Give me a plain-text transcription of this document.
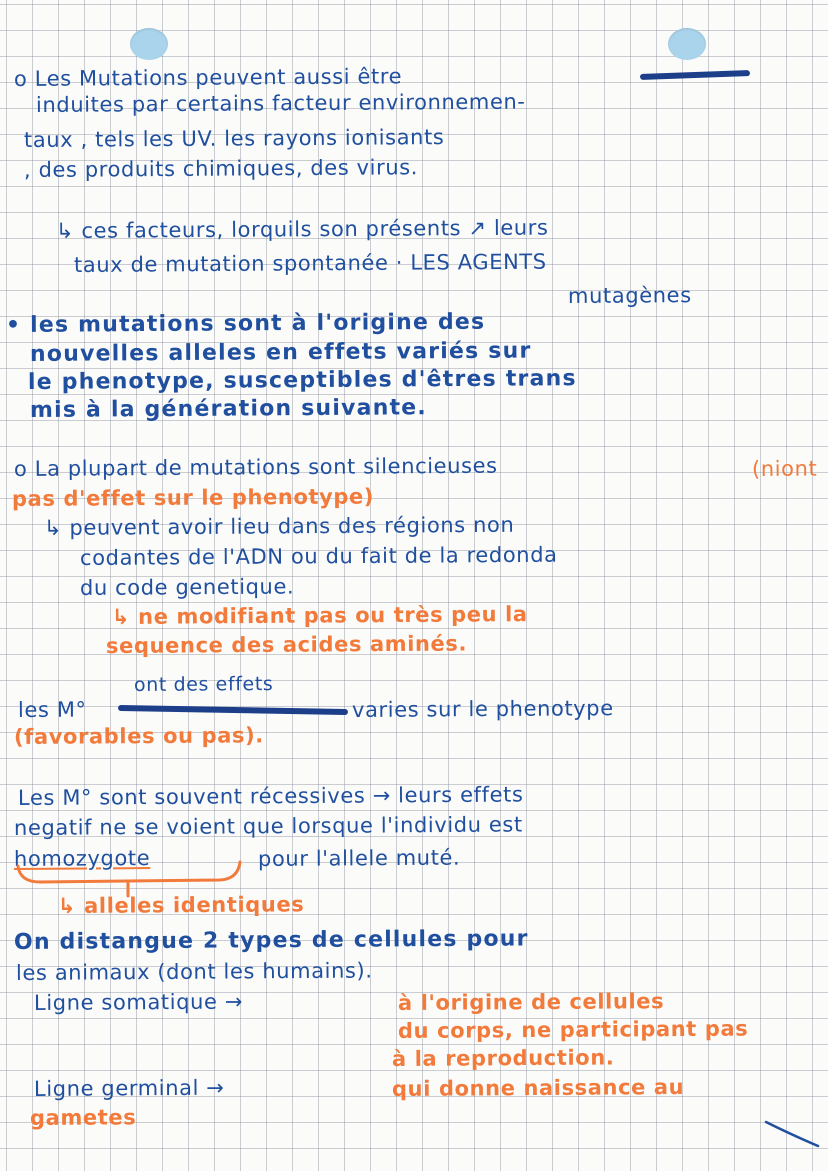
o Les Mutations peuvent aussi être
induites par certains facteur environnemen-
taux , tels les UV. les rayons ionisants
, des produits chimiques, des virus.
↳ ces facteurs, lorquils son présents ↗ leurs
taux de mutation spontanée · LES AGENTS
mutagènes
• les mutations sont à l'origine des
nouvelles alleles en effets variés sur
le phenotype, susceptibles d'êtres trans
mis à la génération suivante.
o La plupart de mutations sont silencieuses	(niont
pas d'effet sur le phenotype)
↳ peuvent avoir lieu dans des régions non
codantes de l'ADN ou du fait de la redonda
du code genetique.
↳ ne modifiant pas ou très peu la
sequence des acides aminés.
ont des effets
les M°	varies sur le phenotype
(favorables ou pas).
Les M° sont souvent récessives → leurs effets
negatif ne se voient que lorsque l'individu est
homozygote	pour l'allele muté.
↳ alleles identiques
On distangue 2 types de cellules pour
les animaux (dont les humains).
Ligne somatique →	à l'origine de cellules
du corps, ne participant pas
à la reproduction.
Ligne germinal →	qui donne naissance au
gametes
